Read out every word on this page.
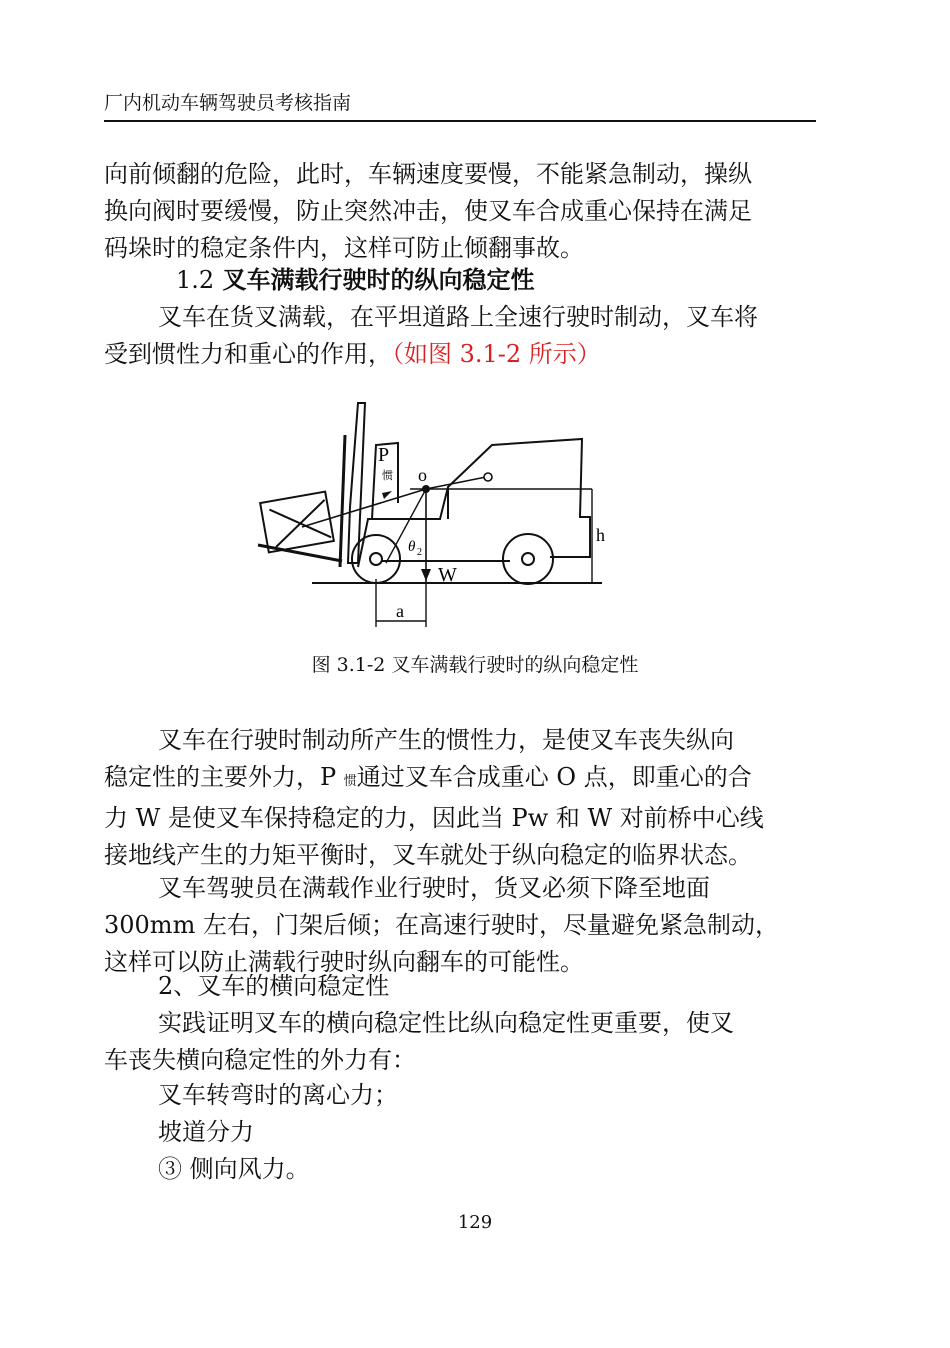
厂内机动车辆驾驶员考核指南
向前倾翻的危险，此时，车辆速度要慢，不能紧急制动，操纵
换向阀时要缓慢，防止突然冲击，使叉车合成重心保持在满足
码垛时的稳定条件内，这样可防止倾翻事故。
1.2 叉车满载行驶时的纵向稳定性
叉车在货叉满载，在平坦道路上全速行驶时制动，叉车将
受到惯性力和重心的作用，（如图 3.1-2 所示）
P
惯 o
θ 2
W
a
h
图 3.1-2 叉车满载行驶时的纵向稳定性
叉车在行驶时制动所产生的惯性力，是使叉车丧失纵向
稳定性的主要外力，P 惯通过叉车合成重心 O 点，即重心的合
力 W 是使叉车保持稳定的力，因此当 Pw 和 W 对前桥中心线
接地线产生的力矩平衡时，叉车就处于纵向稳定的临界状态。
叉车驾驶员在满载作业行驶时，货叉必须下降至地面
300mm 左右，门架后倾；在高速行驶时，尽量避免紧急制动，
这样可以防止满载行驶时纵向翻车的可能性。
2、叉车的横向稳定性
实践证明叉车的横向稳定性比纵向稳定性更重要，使叉
车丧失横向稳定性的外力有：
叉车转弯时的离心力；
坡道分力
③ 侧向风力。
129
